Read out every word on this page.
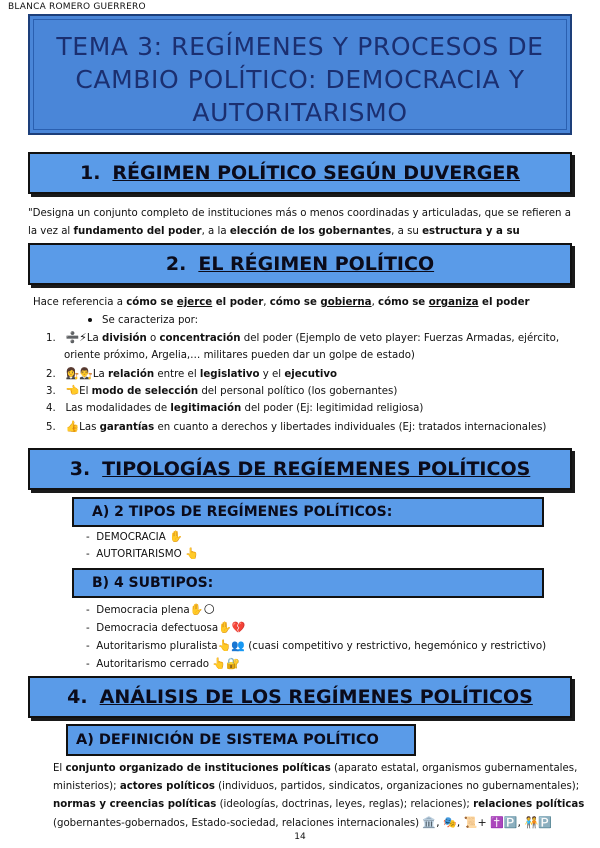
BLANCA ROMERO GUERRERO
TEMA 3: REGÍMENES Y PROCESOS DE
CAMBIO POLÍTICO: DEMOCRACIA Y
AUTORITARISMO
1. RÉGIMEN POLÍTICO SEGÚN DUVERGER
"Designa un conjunto completo de instituciones más o menos coordinadas y articuladas, que se refieren a la vez al fundamento del poder, a la elección de los gobernantes, a su estructura y a su
2. EL RÉGIMEN POLÍTICO
Hace referencia a cómo se ejerce el poder, cómo se gobierna, cómo se organiza el poder
Se caracteriza por:
1. ➗⚡La división o concentración del poder (Ejemplo de veto player: Fuerzas Armadas, ejército,
oriente próximo, Argelia,… militares pueden dar un golpe de estado)
2. 👩‍⚖️👨‍⚖️La relación entre el legislativo y el ejecutivo
3. 👈El modo de selección del personal político (los gobernantes)
4. Las modalidades de legitimación del poder (Ej: legitimidad religiosa)
5. 👍Las garantías en cuanto a derechos y libertades individuales (Ej: tratados internacionales)
3. TIPOLOGÍAS DE REGÍEMENES POLÍTICOS
A) 2 TIPOS DE REGÍMENES POLÍTICOS:
-  DEMOCRACIA ✋
-  AUTORITARISMO 👆
B) 4 SUBTIPOS:
-  Democracia plena✋🌕
-  Democracia defectuosa✋💔
-  Autoritarismo pluralista👆👥 (cuasi competitivo y restrictivo, hegemónico y restrictivo)
-  Autoritarismo cerrado 👆🔐
4. ANÁLISIS DE LOS REGÍMENES POLÍTICOS
A) DEFINICIÓN DE SISTEMA POLÍTICO
El conjunto organizado de instituciones políticas (aparato estatal, organismos gubernamentales,
ministerios); actores políticos (individuos, partidos, sindicatos, organizaciones no gubernamentales);
normas y creencias políticas (ideologías, doctrinas, leyes, reglas); relaciones); relaciones políticas
(gobernantes-gobernados, Estado-sociedad, relaciones internacionales) 🏛️, 🎭, 📜+ ✝️🅿️, 🧑‍🤝‍🧑🅿️
14
